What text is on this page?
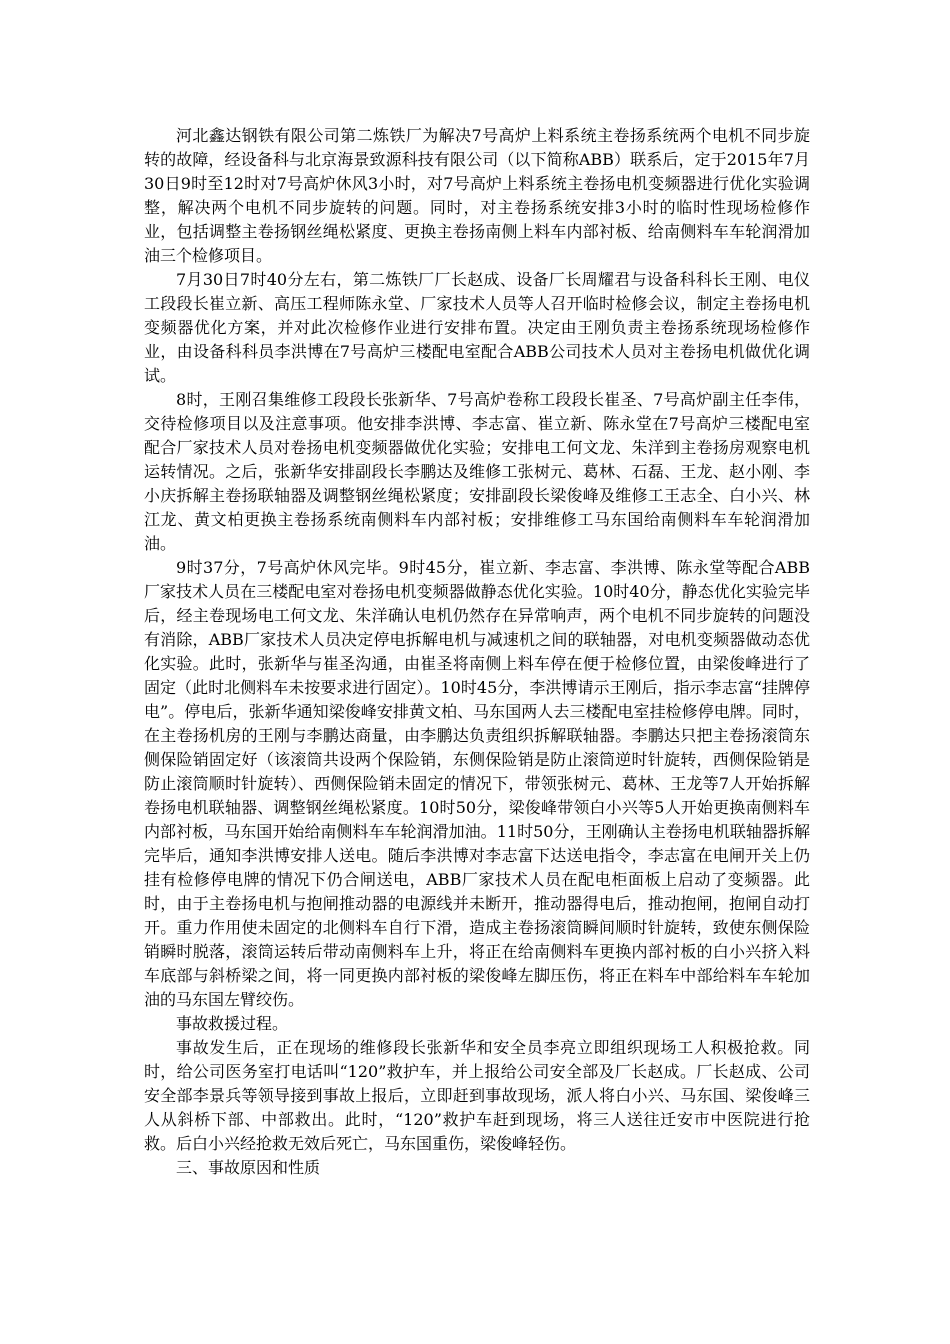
河北鑫达钢铁有限公司第二炼铁厂为解决7号高炉上料系统主卷扬系统两个电机不同步旋转的故障，经设备科与北京海景致源科技有限公司（以下简称ABB）联系后，定于2015年7月30日9时至12时对7号高炉休风3小时，对7号高炉上料系统主卷扬电机变频器进行优化实验调整，解决两个电机不同步旋转的问题。同时，对主卷扬系统安排3小时的临时性现场检修作业，包括调整主卷扬钢丝绳松紧度、更换主卷扬南侧上料车内部衬板、给南侧料车车轮润滑加油三个检修项目。

7月30日7时40分左右，第二炼铁厂厂长赵成、设备厂长周耀君与设备科科长王刚、电仪工段段长崔立新、高压工程师陈永堂、厂家技术人员等人召开临时检修会议，制定主卷扬电机变频器优化方案，并对此次检修作业进行安排布置。决定由王刚负责主卷扬系统现场检修作业，由设备科科员李洪博在7号高炉三楼配电室配合ABB公司技术人员对主卷扬电机做优化调试。

8时，王刚召集维修工段段长张新华、7号高炉卷称工段段长崔圣、7号高炉副主任李伟，交待检修项目以及注意事项。他安排李洪博、李志富、崔立新、陈永堂在7号高炉三楼配电室配合厂家技术人员对卷扬电机变频器做优化实验；安排电工何文龙、朱洋到主卷扬房观察电机运转情况。之后，张新华安排副段长李鹏达及维修工张树元、葛林、石磊、王龙、赵小刚、李小庆拆解主卷扬联轴器及调整钢丝绳松紧度；安排副段长梁俊峰及维修工王志全、白小兴、林江龙、黄文柏更换主卷扬系统南侧料车内部衬板；安排维修工马东国给南侧料车车轮润滑加油。

9时37分，7号高炉休风完毕。9时45分，崔立新、李志富、李洪博、陈永堂等配合ABB厂家技术人员在三楼配电室对卷扬电机变频器做静态优化实验。10时40分，静态优化实验完毕后，经主卷现场电工何文龙、朱洋确认电机仍然存在异常响声，两个电机不同步旋转的问题没有消除，ABB厂家技术人员决定停电拆解电机与减速机之间的联轴器，对电机变频器做动态优化实验。此时，张新华与崔圣沟通，由崔圣将南侧上料车停在便于检修位置，由梁俊峰进行了固定（此时北侧料车未按要求进行固定）。10时45分，李洪博请示王刚后，指示李志富“挂牌停电”。停电后，张新华通知梁俊峰安排黄文柏、马东国两人去三楼配电室挂检修停电牌。同时，在主卷扬机房的王刚与李鹏达商量，由李鹏达负责组织拆解联轴器。李鹏达只把主卷扬滚筒东侧保险销固定好（该滚筒共设两个保险销，东侧保险销是防止滚筒逆时针旋转，西侧保险销是防止滚筒顺时针旋转）、西侧保险销未固定的情况下，带领张树元、葛林、王龙等7人开始拆解卷扬电机联轴器、调整钢丝绳松紧度。10时50分，梁俊峰带领白小兴等5人开始更换南侧料车内部衬板，马东国开始给南侧料车车轮润滑加油。11时50分，王刚确认主卷扬电机联轴器拆解完毕后，通知李洪博安排人送电。随后李洪博对李志富下达送电指令，李志富在电闸开关上仍挂有检修停电牌的情况下仍合闸送电，ABB厂家技术人员在配电柜面板上启动了变频器。此时，由于主卷扬电机与抱闸推动器的电源线并未断开，推动器得电后，推动抱闸，抱闸自动打开。重力作用使未固定的北侧料车自行下滑，造成主卷扬滚筒瞬间顺时针旋转，致使东侧保险销瞬时脱落，滚筒运转后带动南侧料车上升，将正在给南侧料车更换内部衬板的白小兴挤入料车底部与斜桥梁之间，将一同更换内部衬板的梁俊峰左脚压伤，将正在料车中部给料车车轮加油的马东国左臂绞伤。

事故救援过程。

事故发生后，正在现场的维修段长张新华和安全员李亮立即组织现场工人积极抢救。同时，给公司医务室打电话叫“120”救护车，并上报给公司安全部及厂长赵成。厂长赵成、公司安全部李景兵等领导接到事故上报后，立即赶到事故现场，派人将白小兴、马东国、梁俊峰三人从斜桥下部、中部救出。此时，“120”救护车赶到现场，将三人送往迁安市中医院进行抢救。后白小兴经抢救无效后死亡，马东国重伤，梁俊峰轻伤。

三、事故原因和性质
